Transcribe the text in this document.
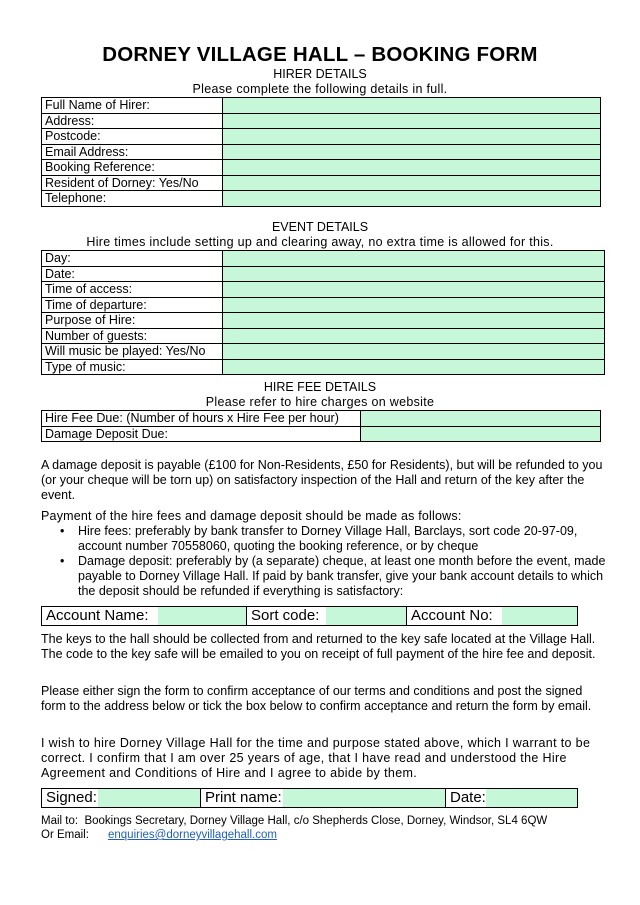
DORNEY VILLAGE HALL – BOOKING FORM
HIRER DETAILS
Please complete the following details in full.
Full Name of Hirer:	
Address:	
Postcode:	
Email Address:	
Booking Reference:	
Resident of Dorney: Yes/No	
Telephone:	
EVENT DETAILS
Hire times include setting up and clearing away, no extra time is allowed for this.
Day:	
Date:	
Time of access:	
Time of departure:	
Purpose of Hire:	
Number of guests:	
Will music be played: Yes/No	
Type of music:	
HIRE FEE DETAILS
Please refer to hire charges on website
Hire Fee Due: (Number of hours x Hire Fee per hour)	
Damage Deposit Due:	
A damage deposit is payable (£100 for Non-Residents, £50 for Residents), but will be refunded to you (or your cheque will be torn up) on satisfactory inspection of the Hall and return of the key after the event.
Payment of the hire fees and damage deposit should be made as follows:
• Hire fees: preferably by bank transfer to Dorney Village Hall, Barclays, sort code 20-97-09, account number 70558060, quoting the booking reference, or by cheque
• Damage deposit: preferably by (a separate) cheque, at least one month before the event, made payable to Dorney Village Hall. If paid by bank transfer, give your bank account details to which the deposit should be refunded if everything is satisfactory:
Account Name:	Sort code:	Account No:
The keys to the hall should be collected from and returned to the key safe located at the Village Hall. The code to the key safe will be emailed to you on receipt of full payment of the hire fee and deposit.
Please either sign the form to confirm acceptance of our terms and conditions and post the signed form to the address below or tick the box below to confirm acceptance and return the form by email.
I wish to hire Dorney Village Hall for the time and purpose stated above, which I warrant to be correct. I confirm that I am over 25 years of age, that I have read and understood the Hire Agreement and Conditions of Hire and I agree to abide by them.
Signed:	Print name:	Date:
Mail to: Bookings Secretary, Dorney Village Hall, c/o Shepherds Close, Dorney, Windsor, SL4 6QW
Or Email: enquiries@dorneyvillagehall.com
